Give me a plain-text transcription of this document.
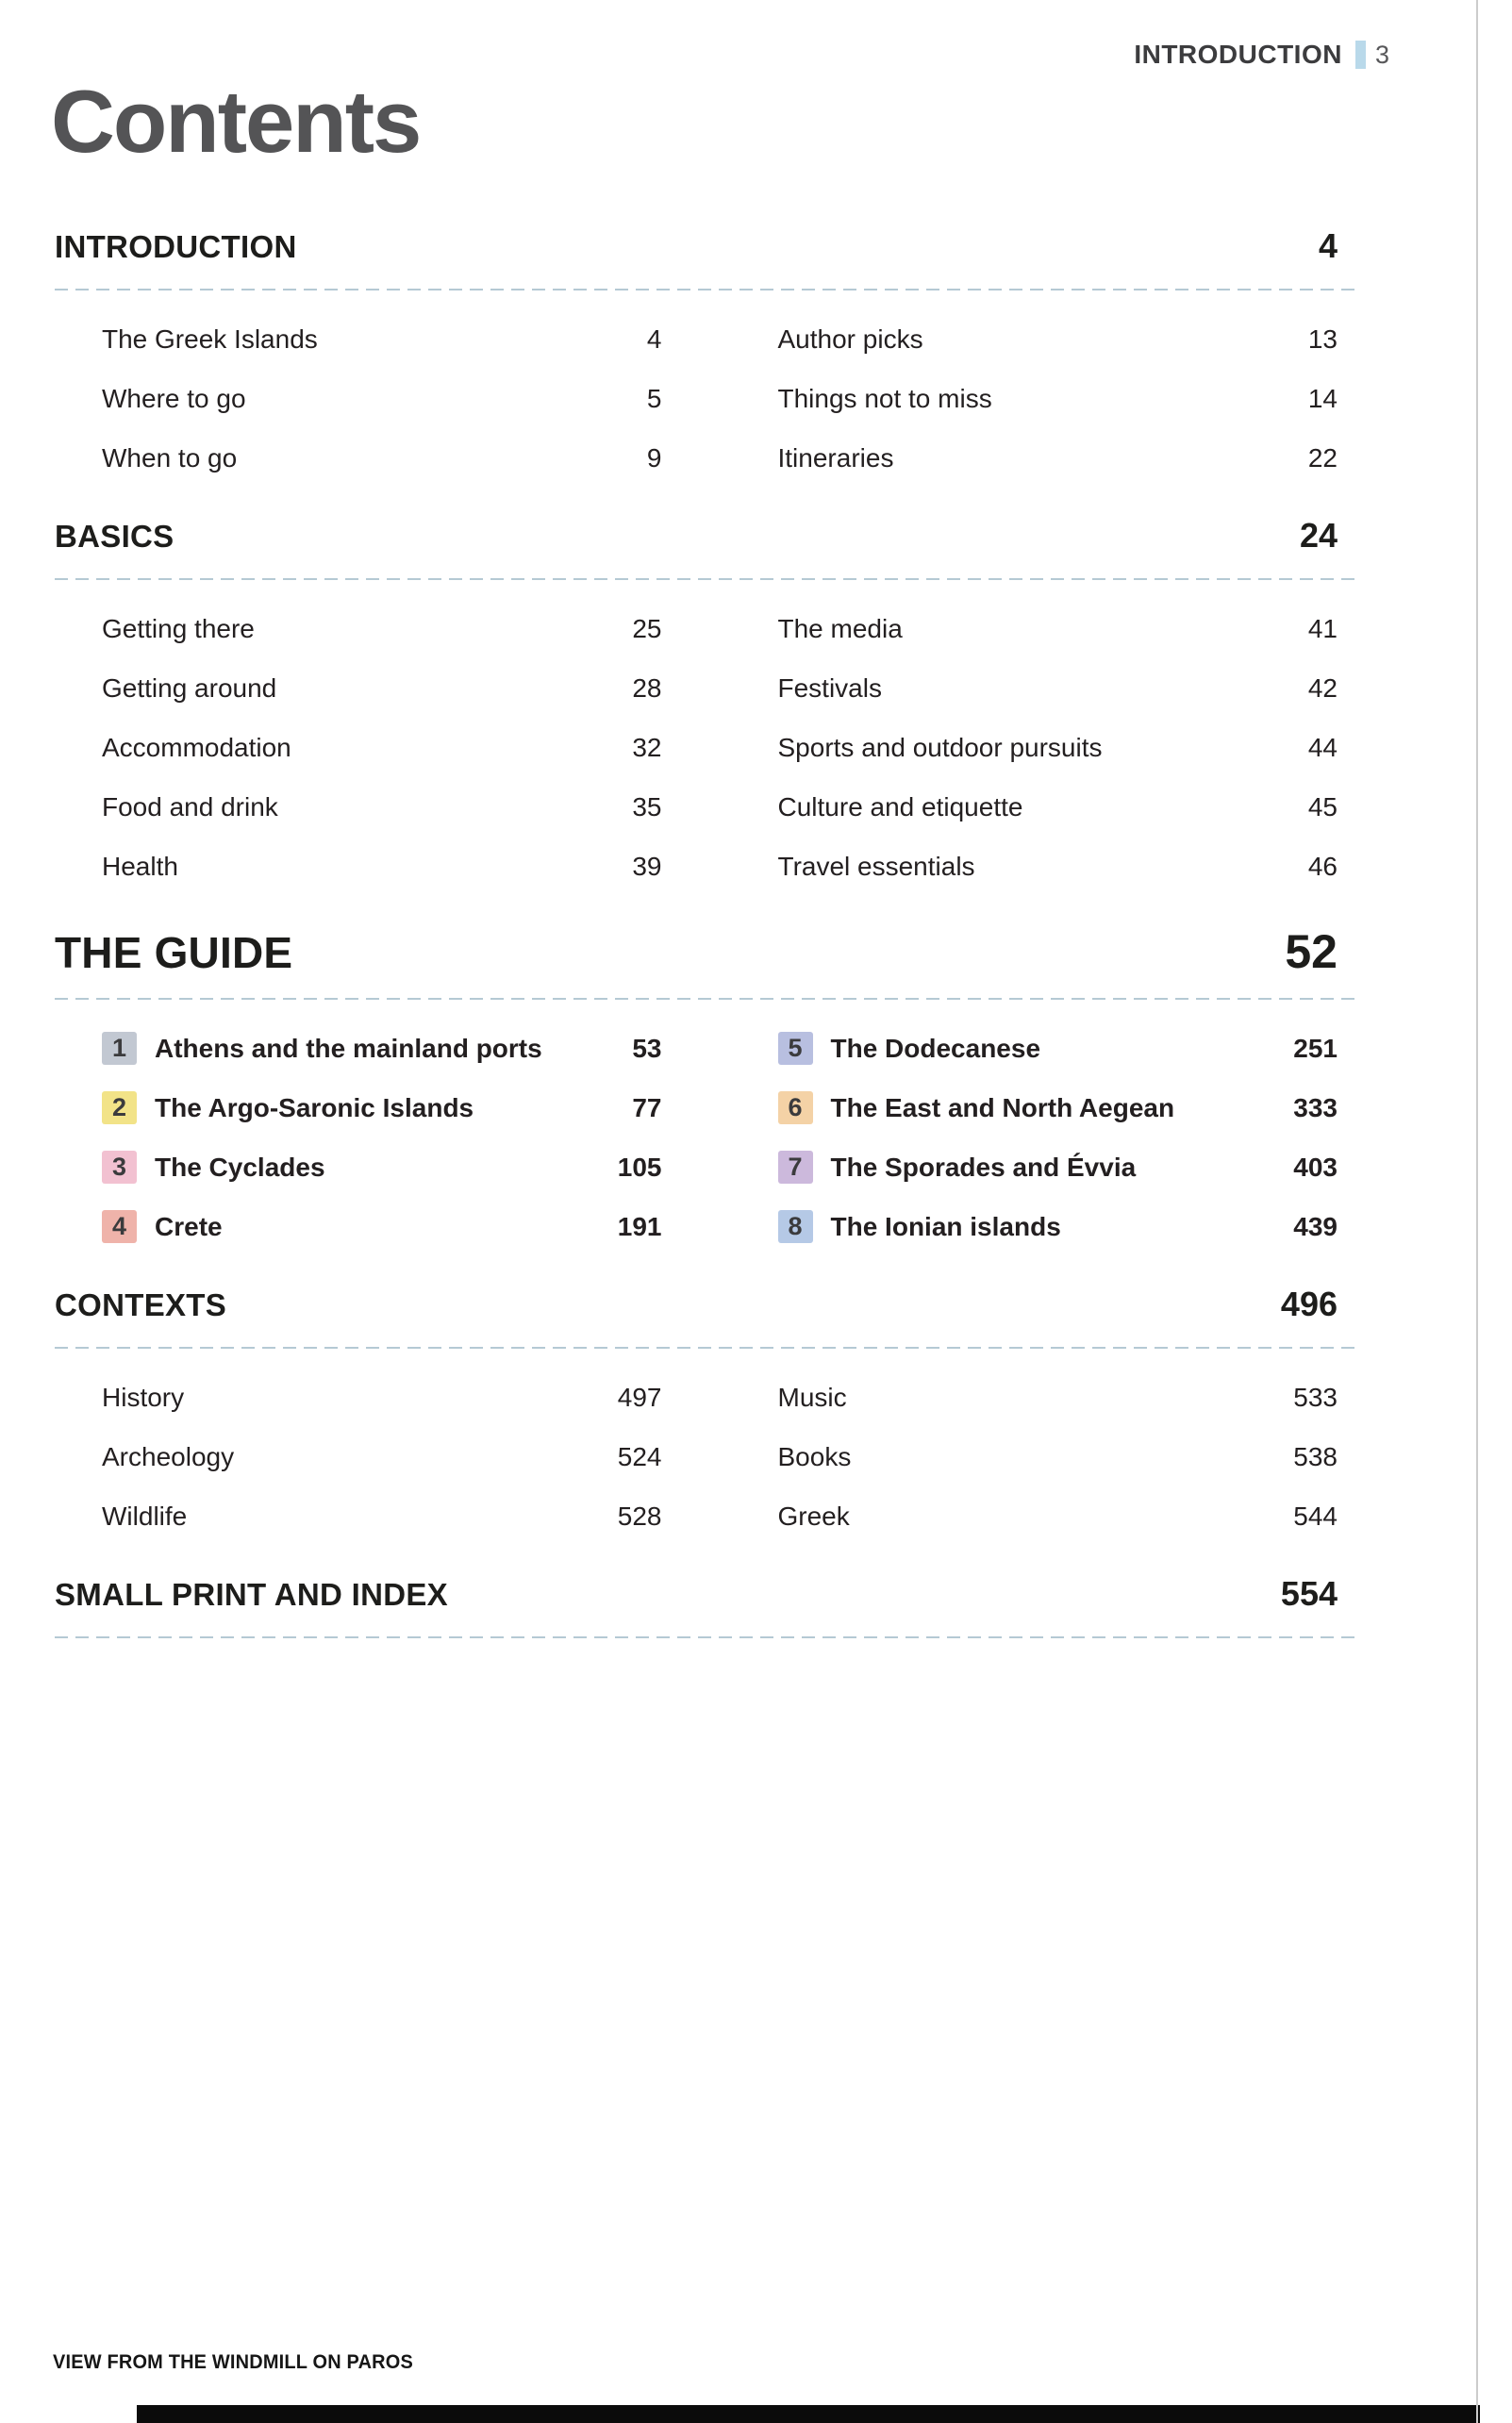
INTRODUCTION 3
Contents
INTRODUCTION	4
The Greek Islands	4
Where to go	5
When to go	9
Author picks	13
Things not to miss	14
Itineraries	22
BASICS	24
Getting there	25
Getting around	28
Accommodation	32
Food and drink	35
Health	39
The media	41
Festivals	42
Sports and outdoor pursuits	44
Culture and etiquette	45
Travel essentials	46
THE GUIDE	52
1	Athens and the mainland ports	53
2	The Argo-Saronic Islands	77
3	The Cyclades	105
4	Crete	191
5	The Dodecanese	251
6	The East and North Aegean	333
7	The Sporades and Évvia	403
8	The Ionian islands	439
CONTEXTS	496
History	497
Archeology	524
Wildlife	528
Music	533
Books	538
Greek	544
SMALL PRINT AND INDEX	554
VIEW FROM THE WINDMILL ON PAROS
